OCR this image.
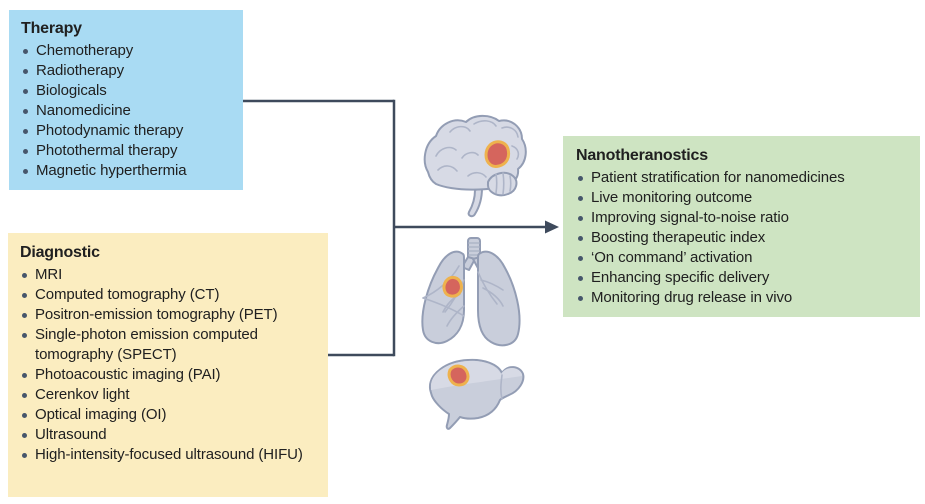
Therapy
Chemotherapy
Radiotherapy
Biologicals
Nanomedicine
Photodynamic therapy
Photothermal therapy
Magnetic hyperthermia
Diagnostic
MRI
Computed tomography (CT)
Positron-emission tomography (PET)
Single-photon emission computed tomography (SPECT)
Photoacoustic imaging (PAI)
Cerenkov light
Optical imaging (OI)
Ultrasound
High-intensity-focused ultrasound (HIFU)
Nanotheranostics
Patient stratification for nanomedicines
Live monitoring outcome
Improving signal-to-noise ratio
Boosting therapeutic index
‘On command’ activation
Enhancing specific delivery
Monitoring drug release in vivo
